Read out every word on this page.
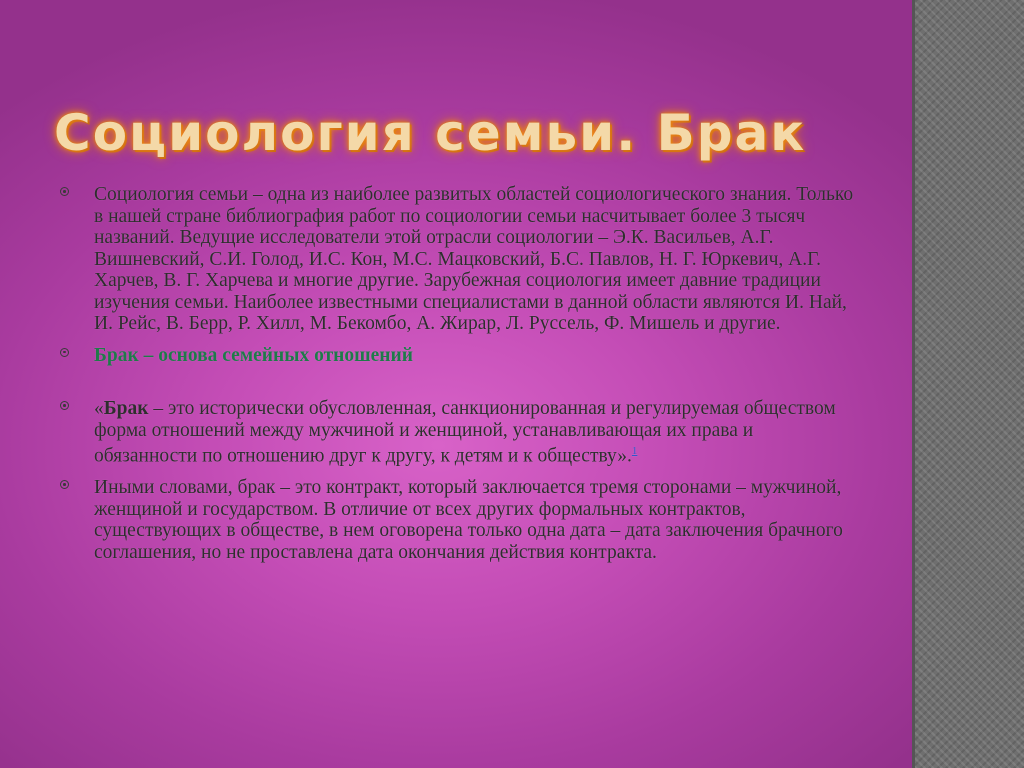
Социология семьи. Брак
Социология семьи – одна из наиболее развитых областей социологического знания. Только в нашей стране библиография работ по социологии семьи насчитывает более 3 тысяч названий. Ведущие исследователи этой отрасли социологии – Э.К. Васильев, А.Г. Вишневский, С.И. Голод, И.С. Кон, М.С. Мацковский, Б.С. Павлов, Н. Г. Юркевич, А.Г. Харчев, В. Г. Харчева и многие другие. Зарубежная социология имеет давние традиции изучения семьи. Наиболее известными специалистами в данной области являются И. Най, И. Рейс, В. Берр, Р. Хилл, М. Бекомбо, А. Жирар, Л. Руссель, Ф. Мишель и другие.
Брак – основа семейных отношений
«Брак – это исторически обусловленная, санкционированная и регулируемая обществом форма отношений между мужчиной и женщиной, устанавливающая их права и обязанности по отношению друг к другу, к детям и к обществу».$^1$
Иными словами, брак – это контракт, который заключается тремя сторонами – мужчиной, женщиной и государством. В отличие от всех других формальных контрактов, существующих в обществе, в нем оговорена только одна дата – дата заключения брачного соглашения, но не проставлена дата окончания действия контракта.
